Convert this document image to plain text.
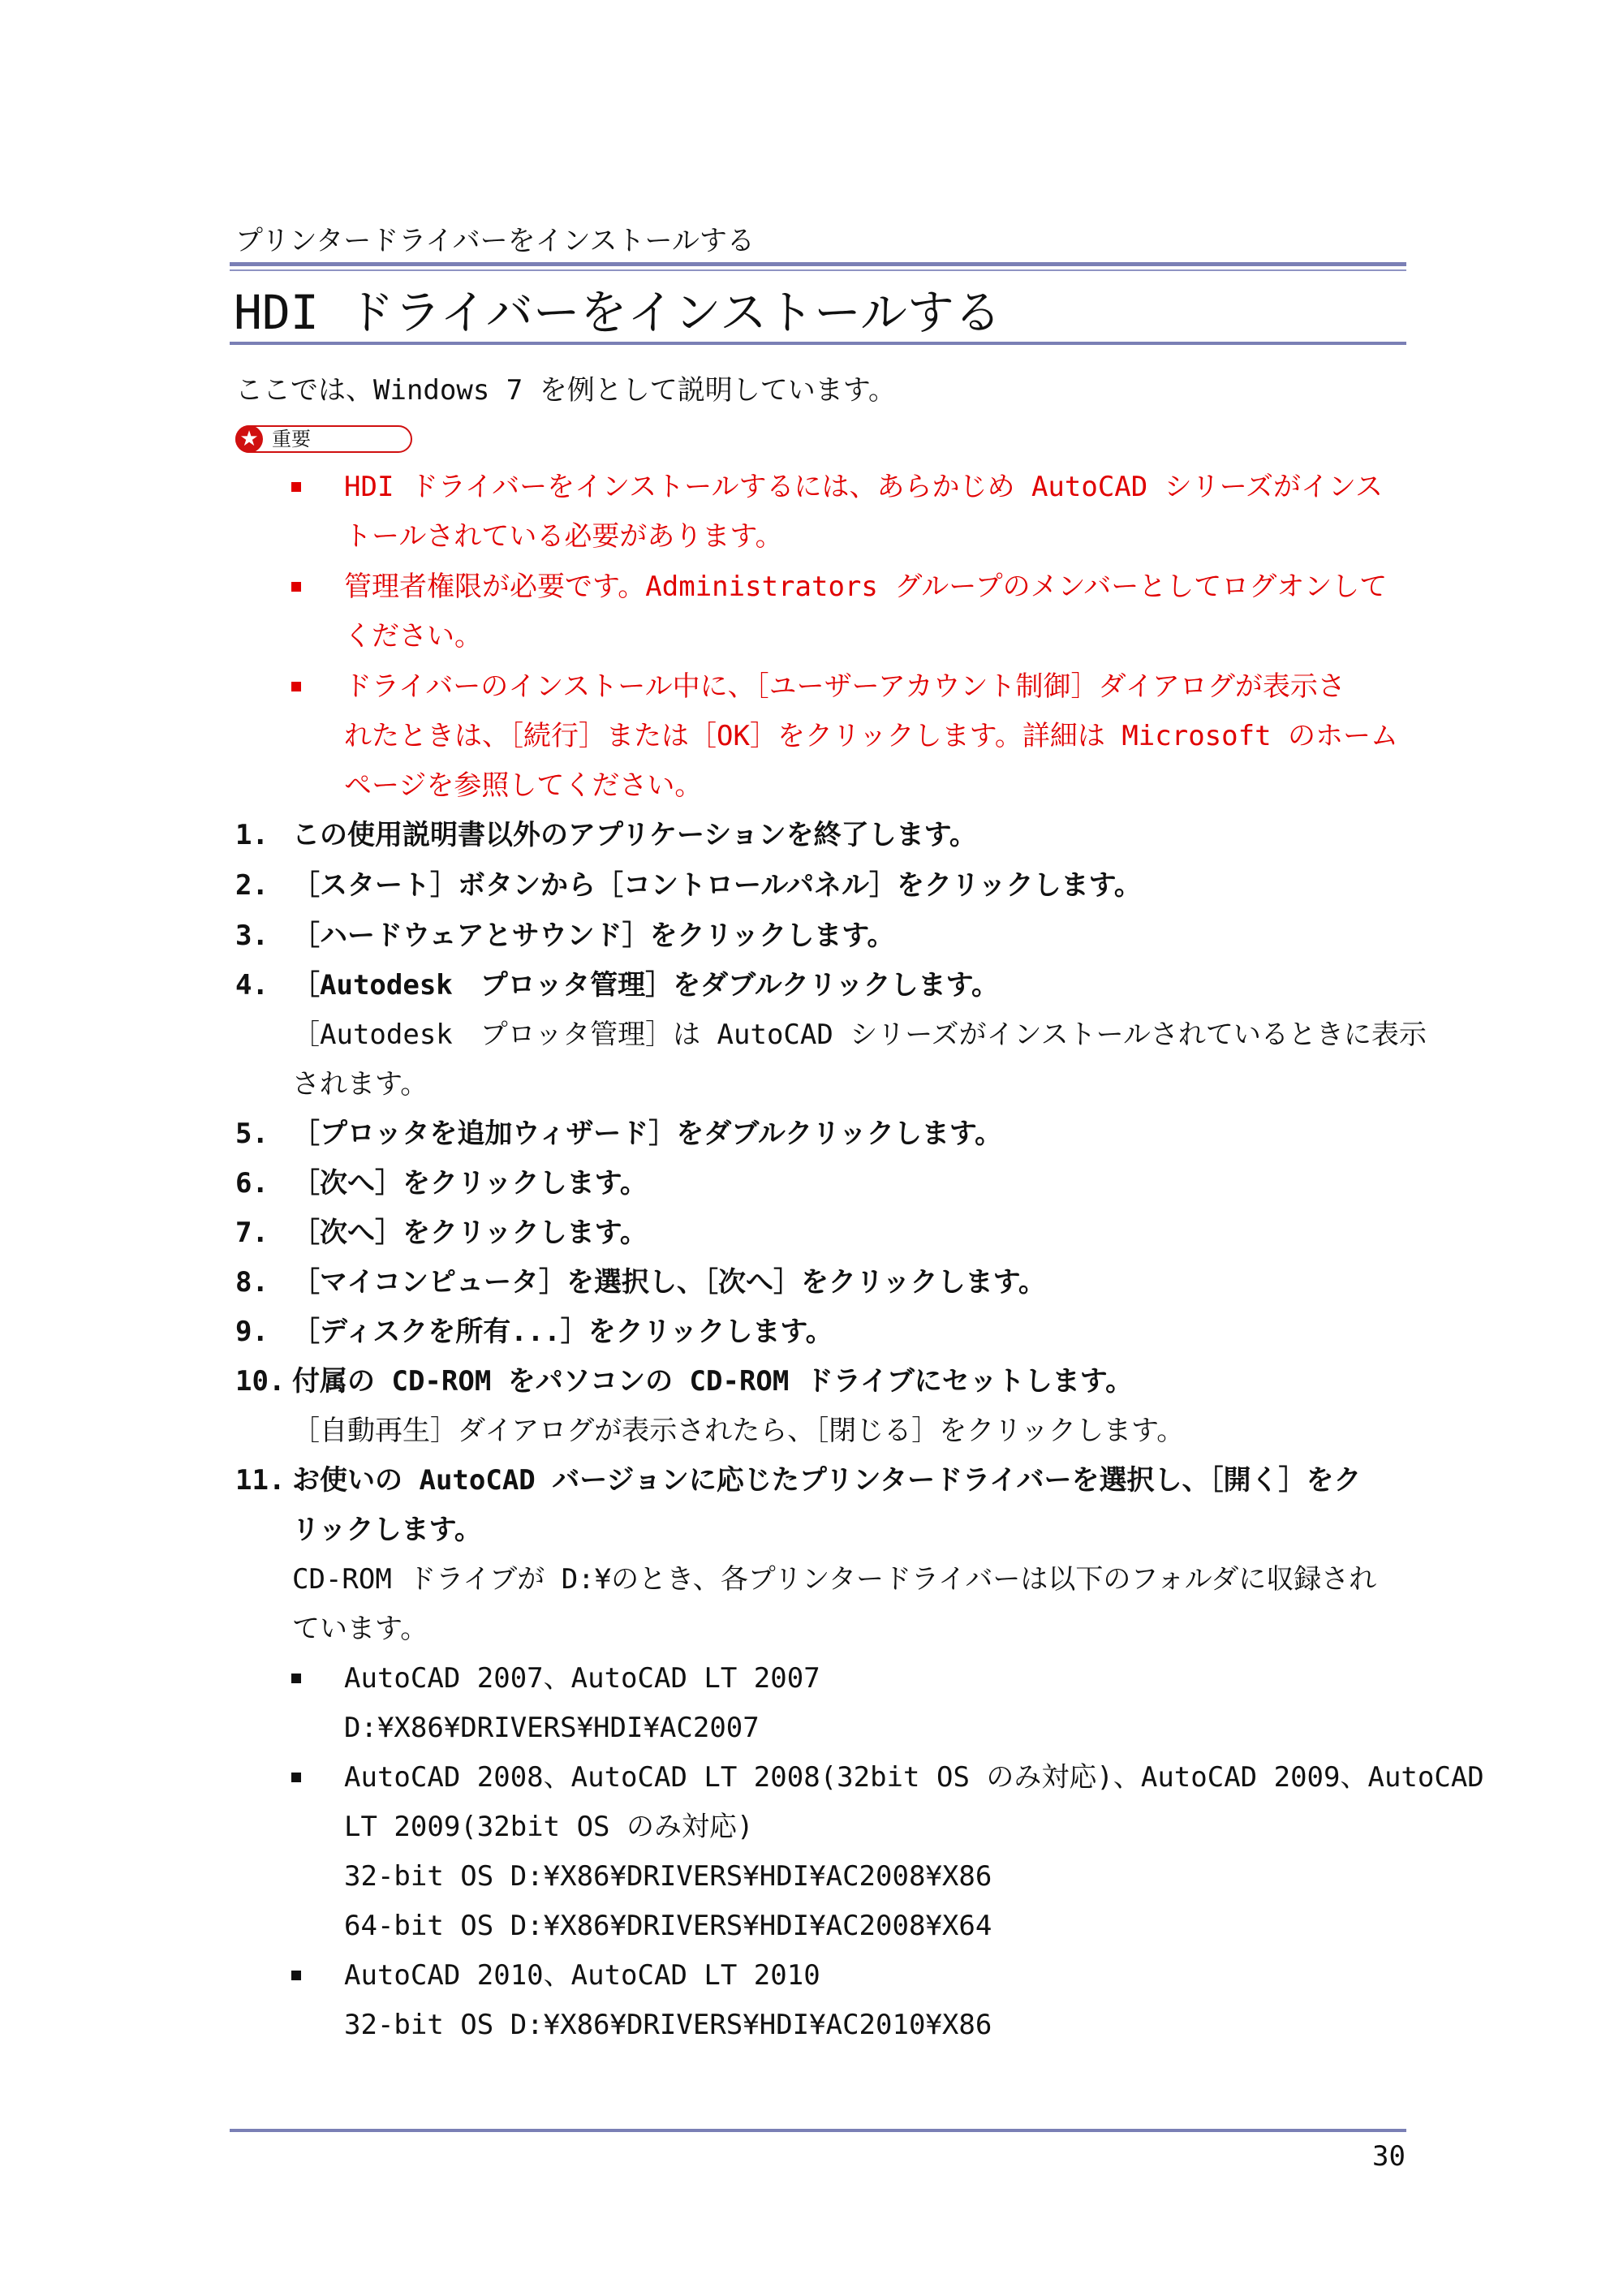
プリンタードライバーをインストールする
HDI ドライバーをインストールする
ここでは、Windows 7 を例として説明しています。
★ 重要
HDI ドライバーをインストールするには、あらかじめ AutoCAD シリーズがインス
トールされている必要があります。
管理者権限が必要です。Administrators グループのメンバーとしてログオンして
ください。
ドライバーのインストール中に、［ユーザーアカウント制御］ダイアログが表示さ
れたときは、［続行］または［OK］をクリックします。詳細は Microsoft のホーム
ページを参照してください。
1. この使用説明書以外のアプリケーションを終了します。
2. ［スタート］ボタンから［コントロールパネル］をクリックします。
3. ［ハードウェアとサウンド］をクリックします。
4. ［Autodesk　プロッタ管理］をダブルクリックします。
［Autodesk　プロッタ管理］は AutoCAD シリーズがインストールされているときに表示
されます。
5. ［プロッタを追加ウィザード］をダブルクリックします。
6. ［次へ］をクリックします。
7. ［次へ］をクリックします。
8. ［マイコンピュータ］を選択し、［次へ］をクリックします。
9. ［ディスクを所有...］をクリックします。
10. 付属の CD-ROM をパソコンの CD-ROM ドライブにセットします。
［自動再生］ダイアログが表示されたら、［閉じる］をクリックします。
11. お使いの AutoCAD バージョンに応じたプリンタードライバーを選択し、［開く］をク
リックします。
CD-ROM ドライブが D:¥のとき、各プリンタードライバーは以下のフォルダに収録され
ています。
AutoCAD 2007、AutoCAD LT 2007
D:¥X86¥DRIVERS¥HDI¥AC2007
AutoCAD 2008、AutoCAD LT 2008(32bit OS のみ対応)、AutoCAD 2009、AutoCAD
LT 2009(32bit OS のみ対応)
32-bit OS D:¥X86¥DRIVERS¥HDI¥AC2008¥X86
64-bit OS D:¥X86¥DRIVERS¥HDI¥AC2008¥X64
AutoCAD 2010、AutoCAD LT 2010
32-bit OS D:¥X86¥DRIVERS¥HDI¥AC2010¥X86
30
